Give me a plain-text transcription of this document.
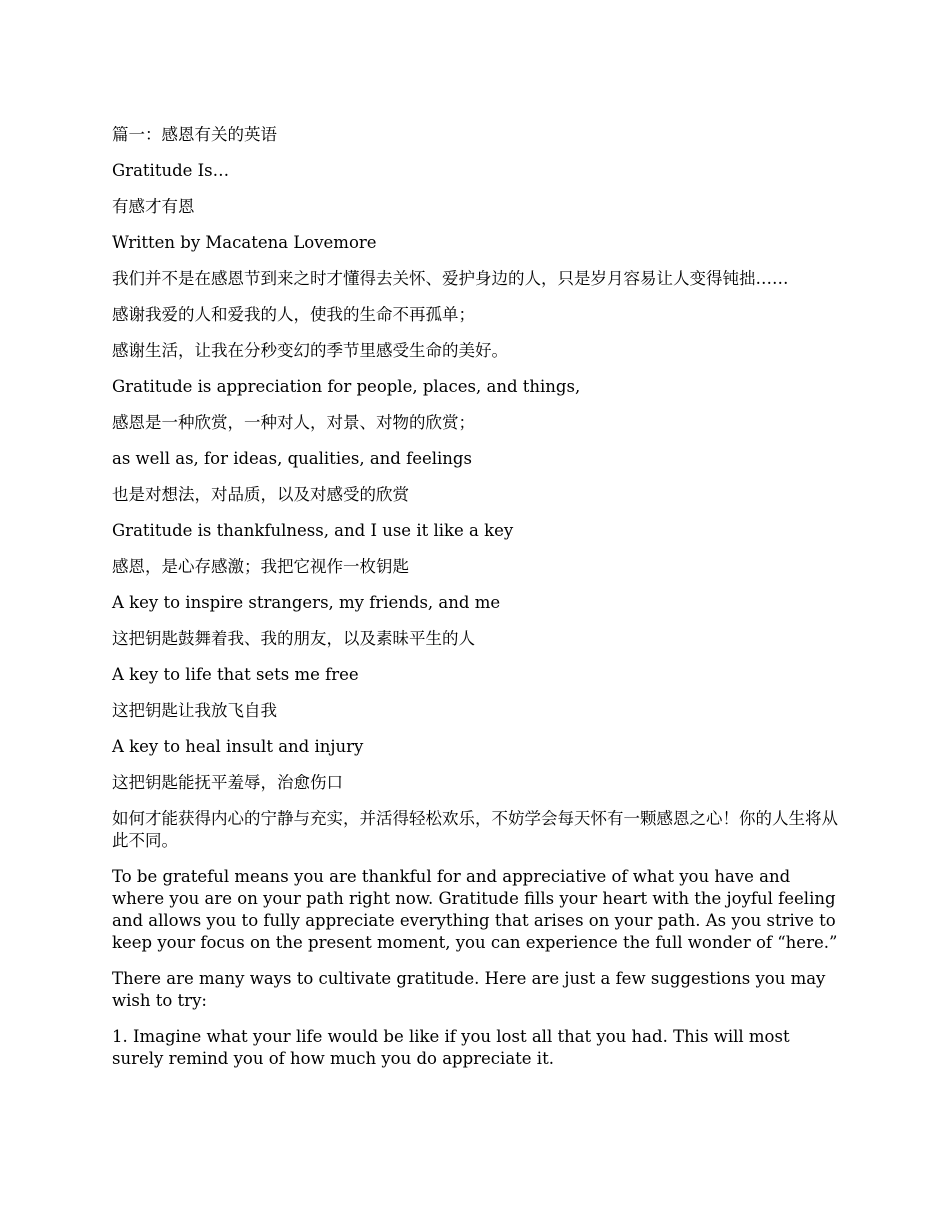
篇一：感恩有关的英语

Gratitude Is…

有感才有恩

Written by Macatena Lovemore

我们并不是在感恩节到来之时才懂得去关怀、爱护身边的人，只是岁月容易让人变得钝拙……

感谢我爱的人和爱我的人，使我的生命不再孤单；

感谢生活，让我在分秒变幻的季节里感受生命的美好。

Gratitude is appreciation for people, places, and things,

感恩是一种欣赏，一种对人，对景、对物的欣赏；

as well as, for ideas, qualities, and feelings

也是对想法，对品质，以及对感受的欣赏

Gratitude is thankfulness, and I use it like a key

感恩，是心存感激；我把它视作一枚钥匙

A key to inspire strangers, my friends, and me

这把钥匙鼓舞着我、我的朋友，以及素昧平生的人

A key to life that sets me free

这把钥匙让我放飞自我

A key to heal insult and injury

这把钥匙能抚平羞辱，治愈伤口

如何才能获得内心的宁静与充实，并活得轻松欢乐，不妨学会每天怀有一颗感恩之心！你的人生将从此不同。

To be grateful means you are thankful for and appreciative of what you have and where you are on your path right now. Gratitude fills your heart with the joyful feeling and allows you to fully appreciate everything that arises on your path. As you strive to keep your focus on the present moment, you can experience the full wonder of “here.”

There are many ways to cultivate gratitude. Here are just a few suggestions you may wish to try:

1. Imagine what your life would be like if you lost all that you had. This will most surely remind you of how much you do appreciate it.
